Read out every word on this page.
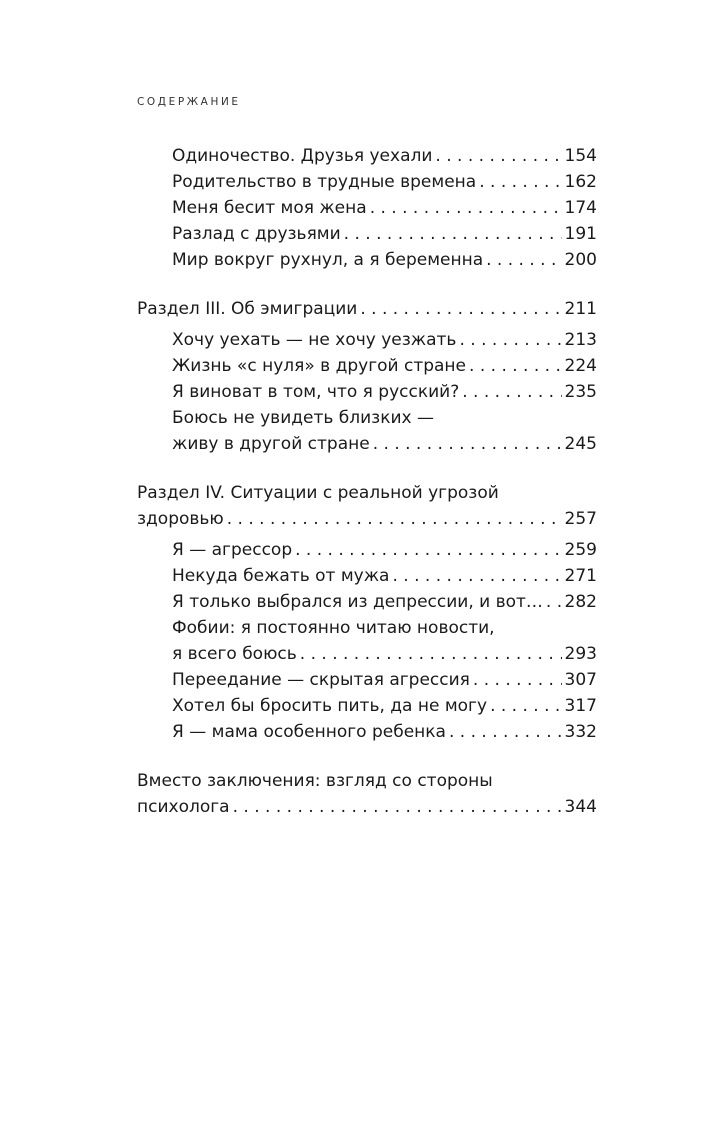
СОДЕРЖАНИЕ
Одиночество. Друзья уехали . . .	154
Родительство в трудные времена . . .	162
Меня бесит моя жена . . .	174
Разлад с друзьями . . .	191
Мир вокруг рухнул, а я беременна . . .	200
Раздел III. Об эмиграции . . .	211
Хочу уехать — не хочу уезжать . . .	213
Жизнь «с нуля» в другой стране . . .	224
Я виноват в том, что я русский? . . .	235
Боюсь не увидеть близких —
живу в другой стране . . .	245
Раздел IV. Ситуации с реальной угрозой
здоровью . . .	257
Я — агрессор . . .	259
Некуда бежать от мужа . . .	271
Я только выбрался из депрессии, и вот… . . . 282
Фобии: я постоянно читаю новости,
я всего боюсь . . .	293
Переедание — скрытая агрессия . . .	307
Хотел бы бросить пить, да не могу . . .	317
Я — мама особенного ребенка . . .	332
Вместо заключения: взгляд со стороны
психолога . . .	344
